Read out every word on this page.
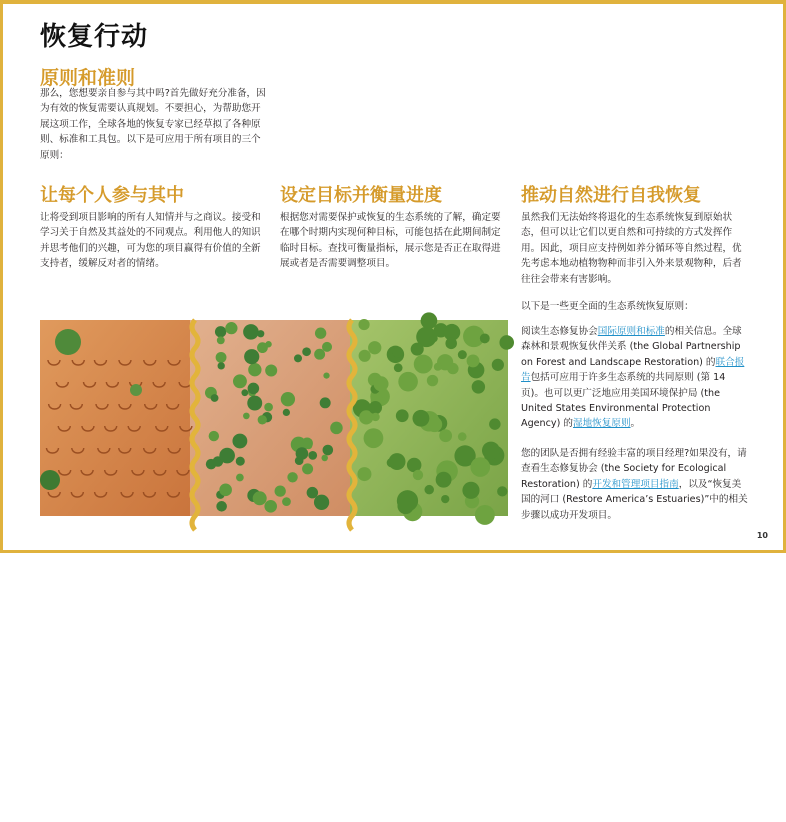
恢复行动
原则和准则

那么，您想要亲自参与其中吗?首先做好充分准备，因为有效的恢复需要认真规划。不要担心，为帮助您开展这项工作，全球各地的恢复专家已经草拟了各种原则、标准和工具包。以下是可应用于所有项目的三个原则：

让每个人参与其中

让将受到项目影响的所有人知情并与之商议。接受和学习关于自然及其益处的不同观点。利用他人的知识并思考他们的兴趣，可为您的项目赢得有价值的全新支持者，缓解反对者的情绪。

设定目标并衡量进度

根据您对需要保护或恢复的生态系统的了解，确定要在哪个时期内实现何种目标，可能包括在此期间制定临时目标。查找可衡量指标，展示您是否正在取得进展或者是否需要调整项目。

推动自然进行自我恢复

虽然我们无法始终将退化的生态系统恢复到原始状态，但可以让它们以更自然和可持续的方式发挥作用。因此，项目应支持例如养分循环等自然过程，优先考虑本地动植物物种而非引入外来景观物种，后者往往会带来有害影响。

以下是一些更全面的生态系统恢复原则：

阅读生态修复协会国际原则和标准的相关信息。全球森林和景观恢复伙伴关系 (the Global Partnership on Forest and Landscape Restoration) 的联合报告包括可应用于许多生态系统的共同原则 (第 14 页)。也可以更广泛地应用美国环境保护局 (the United States Environmental Protection Agency) 的湿地恢复原则。

您的团队是否拥有经验丰富的项目经理?如果没有，请查看生态修复协会 (the Society for Ecological Restoration) 的开发和管理项目指南，以及“恢复美国的河口 (Restore America’s Estuaries)”中的相关步骤以成功开发项目。

© Oliver Wolfsdorf / Just Diggit
10
